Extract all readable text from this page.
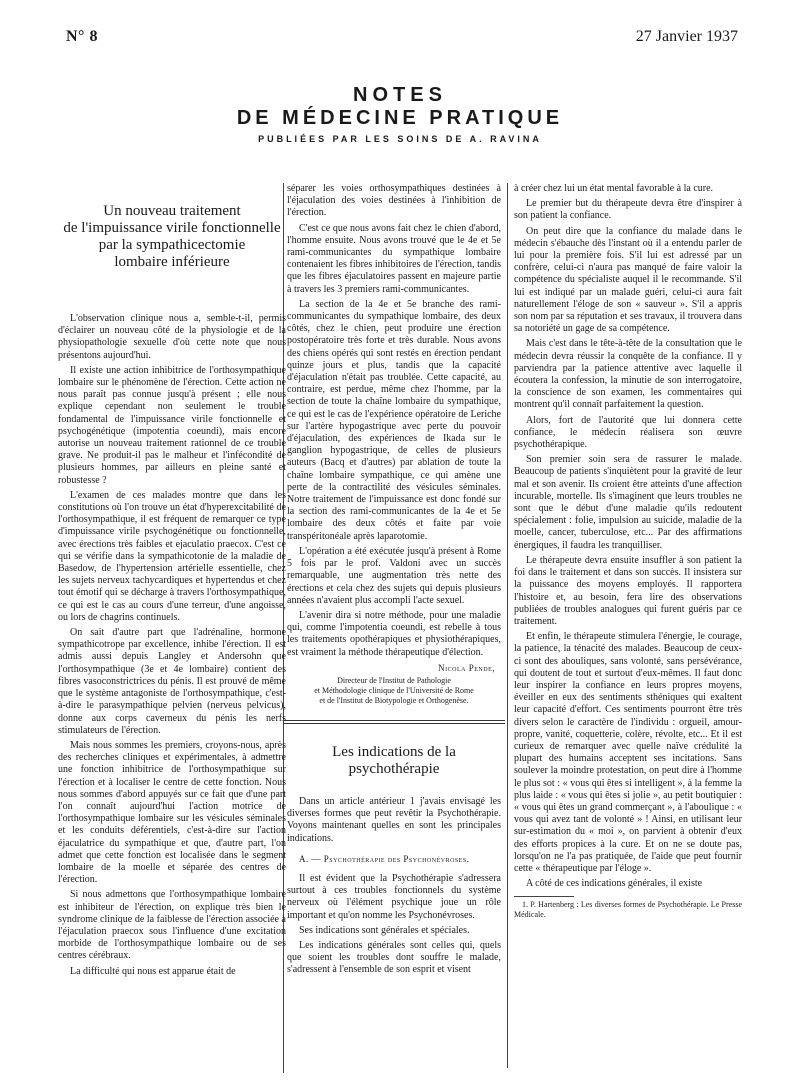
N° 8	27 Janvier 1937
NOTES
DE MÉDECINE PRATIQUE
PUBLIÉES PAR LES SOINS DE A. RAVINA
Un nouveau traitement
de l'impuissance virile fonctionnelle
par la sympathicectomie
lombaire inférieure

L'observation clinique nous a, semble-t-il, permis d'éclairer un nouveau côté de la physiologie et de la physiopathologie sexuelle d'où cette note que nous présentons aujourd'hui.

Il existe une action inhibitrice de l'orthosympathique lombaire sur le phénomène de l'érection. Cette action ne nous paraît pas connue jusqu'à présent ; elle nous explique cependant non seulement le trouble fondamental de l'impuissance virile fonctionnelle et psychogénétique (impotentia coeundi), mais encore autorise un nouveau traitement rationnel de ce trouble grave. Ne produit-il pas le malheur et l'infécondité de plusieurs hommes, par ailleurs en pleine santé et robustesse ?

L'examen de ces malades montre que dans les constitutions où l'on trouve un état d'hyperexcitabilité de l'orthosympathique, il est fréquent de remarquer ce type d'impuissance virile psychogénétique ou fonctionnelle, avec érections très faibles et ejaculatio praecox. C'est ce qui se vérifie dans la sympathicotonie de la maladie de Basedow, de l'hypertension artérielle essentielle, chez les sujets nerveux tachycardiques et hypertendus et chez tout émotif qui se décharge à travers l'orthosympathique, ce qui est le cas au cours d'une terreur, d'une angoisse, ou lors de chagrins continuels.

On sait d'autre part que l'adrénaline, hormone sympathicotrope par excellence, inhibe l'érection. Il est admis aussi depuis Langley et Andersohn que l'orthosympathique (3e et 4e lombaire) contient des fibres vasoconstrictrices du pénis. Il est prouvé de même que le système antagoniste de l'orthosympathique, c'est-à-dire le parasympathique pelvien (nerveus pelvicus), donne aux corps caverneux du pénis les nerfs stimulateurs de l'érection.

Mais nous sommes les premiers, croyons-nous, après des recherches cliniques et expérimentales, à admettre une fonction inhibitrice de l'orthosympathique sur l'érection et à localiser le centre de cette fonction. Nous nous sommes d'abord appuyés sur ce fait que d'une part l'on connaît aujourd'hui l'action motrice de l'orthosympathique lombaire sur les vésicules séminales et les conduits déférentiels, c'est-à-dire sur l'action éjaculatrice du sympathique et que, d'autre part, l'on admet que cette fonction est localisée dans le segment lombaire de la moelle et séparée des centres de l'érection.

Si nous admettons que l'orthosympathique lombaire est inhibiteur de l'érection, on explique très bien le syndrome clinique de la faiblesse de l'érection associée à l'éjaculation praecox sous l'influence d'une excitation morbide de l'orthosympathique lombaire ou de ses centres cérébraux.

La difficulté qui nous est apparue était de

séparer les voies orthosympathiques destinées à l'éjaculation des voies destinées à l'inhibition de l'érection.

C'est ce que nous avons fait chez le chien d'abord, l'homme ensuite. Nous avons trouvé que le 4e et 5e rami-communicantes du sympathique lombaire contenaient les fibres inhibitoires de l'érection, tandis que les fibres éjaculatoires passent en majeure partie à travers les 3 premiers rami-communicantes.

La section de la 4e et 5e branche des rami-communicantes du sympathique lombaire, des deux côtés, chez le chien, peut produire une érection postopératoire très forte et très durable. Nous avons des chiens opérés qui sont restés en érection pendant quinze jours et plus, tandis que la capacité d'éjaculation n'était pas troublée. Cette capacité, au contraire, est perdue, même chez l'homme, par la section de toute la chaîne lombaire du sympathique, ce qui est le cas de l'expérience opératoire de Leriche sur l'artère hypogastrique avec perte du pouvoir d'éjaculation, des expériences de Ikada sur le ganglion hypogastrique, de celles de plusieurs auteurs (Bacq et d'autres) par ablation de toute la chaîne lombaire sympathique, ce qui amène une perte de la contractilité des vésicules séminales. Notre traitement de l'impuissance est donc fondé sur la section des rami-communicantes de la 4e et 5e lombaire des deux côtés et faite par voie transpéritonéale après laparotomie.

L'opération a été exécutée jusqu'à présent à Rome 5 fois par le prof. Valdoni avec un succès remarquable, une augmentation très nette des érections et cela chez des sujets qui depuis plusieurs années n'avaient plus accompli l'acte sexuel.

L'avenir dira si notre méthode, pour une maladie qui, comme l'impotentia coeundi, est rebelle à tous les traitements opothérapiques et physiothérapiques, est vraiment la méthode thérapeutique d'élection.

Nicola Pende,
Directeur de l'Institut de Pathologie
et Méthodologie clinique de l'Université de Rome
et de l'Institut de Biotypologie et Orthogenèse.
Les indications de la psychothérapie

Dans un article antérieur 1 j'avais envisagé les diverses formes que peut revêtir la Psychothérapie. Voyons maintenant quelles en sont les principales indications.

A. — Psychothérapie des Psychonévroses.

Il est évident que la Psychothérapie s'adressera surtout à ces troubles fonctionnels du système nerveux où l'élément psychique joue un rôle important et qu'on nomme les Psychonévroses.

Ses indications sont générales et spéciales.

Les indications générales sont celles qui, quels que soient les troubles dont souffre le malade, s'adressent à l'ensemble de son esprit et visent

à créer chez lui un état mental favorable à la cure.

Le premier but du thérapeute devra être d'inspirer à son patient la confiance.

On peut dire que la confiance du malade dans le médecin s'ébauche dès l'instant où il a entendu parler de lui pour la première fois. S'il lui est adressé par un confrère, celui-ci n'aura pas manqué de faire valoir la compétence du spécialiste auquel il le recommande. S'il lui est indiqué par un malade guéri, celui-ci aura fait naturellement l'éloge de son « sauveur ». S'il a appris son nom par sa réputation et ses travaux, il trouvera dans sa notoriété un gage de sa compétence.

Mais c'est dans le tête-à-tête de la consultation que le médecin devra réussir la conquête de la confiance. Il y parviendra par la patience attentive avec laquelle il écoutera la confession, la minutie de son interrogatoire, la conscience de son examen, les commentaires qui montrent qu'il connaît parfaitement la question.

Alors, fort de l'autorité que lui donnera cette confiance, le médecin réalisera son œuvre psychothérapique.

Son premier soin sera de rassurer le malade. Beaucoup de patients s'inquiètent pour la gravité de leur mal et son avenir. Ils croient être atteints d'une affection incurable, mortelle. Ils s'imaginent que leurs troubles ne sont que le début d'une maladie qu'ils redoutent spécialement : folie, impulsion au suicide, maladie de la moelle, cancer, tuberculose, etc... Par des affirmations énergiques, il faudra les tranquilliser.

Le thérapeute devra ensuite insuffler à son patient la foi dans le traitement et dans son succès. Il insistera sur la puissance des moyens employés. Il rapportera l'histoire et, au besoin, fera lire des observations publiées de troubles analogues qui furent guéris par ce traitement.

Et enfin, le thérapeute stimulera l'énergie, le courage, la patience, la ténacité des malades. Beaucoup de ceux-ci sont des abouliques, sans volonté, sans persévérance, qui doutent de tout et surtout d'eux-mêmes. Il faut donc leur inspirer la confiance en leurs propres moyens, éveiller en eux des sentiments sthéniques qui exaltent leur capacité d'effort. Ces sentiments pourront être très divers selon le caractère de l'individu : orgueil, amour-propre, vanité, coquetterie, colère, révolte, etc... Et il est curieux de remarquer avec quelle naïve crédulité la plupart des humains acceptent ses incitations. Sans soulever la moindre protestation, on peut dire à l'homme le plus sot : « vous qui êtes si intelligent », à la femme la plus laide : « vous qui êtes si jolie », au petit boutiquier : « vous qui êtes un grand commerçant », à l'aboulique : « vous qui avez tant de volonté » ! Ainsi, en utilisant leur sur-estimation du « moi », on parvient à obtenir d'eux des efforts propices à la cure. Et on ne se doute pas, lorsqu'on ne l'a pas pratiquée, de l'aide que peut fournir cette « thérapeutique par l'éloge ».

A côté de ces indications générales, il existe

1. P. Hartenberg : Les diverses formes de Psychothérapie. Le Presse Médicale.
